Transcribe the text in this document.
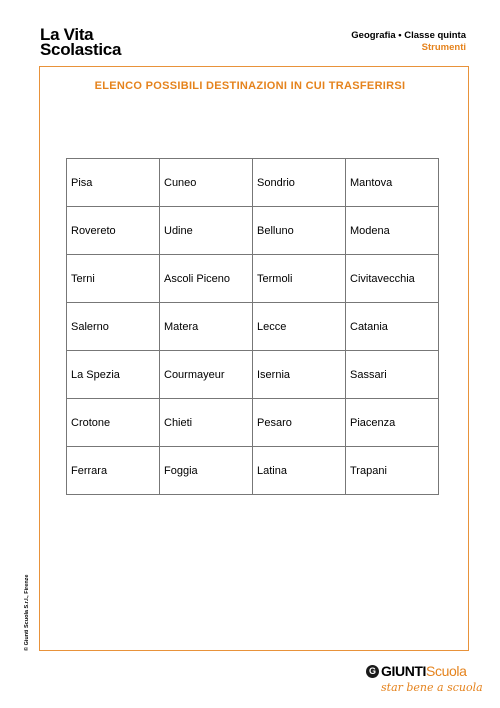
La Vita
Scolastica
Geografia • Classe quinta
Strumenti
ELENCO POSSIBILI DESTINAZIONI IN CUI TRASFERIRSI
Pisa	Cuneo	Sondrio	Mantova
Rovereto	Udine	Belluno	Modena
Terni	Ascoli Piceno	Termoli	Civitavecchia
Salerno	Matera	Lecce	Catania
La Spezia	Courmayeur	Isernia	Sassari
Crotone	Chieti	Pesaro	Piacenza
Ferrara	Foggia	Latina	Trapani
© Giunti Scuola S.r.l., Firenze
G GIUNTIScuola
star bene a scuola
